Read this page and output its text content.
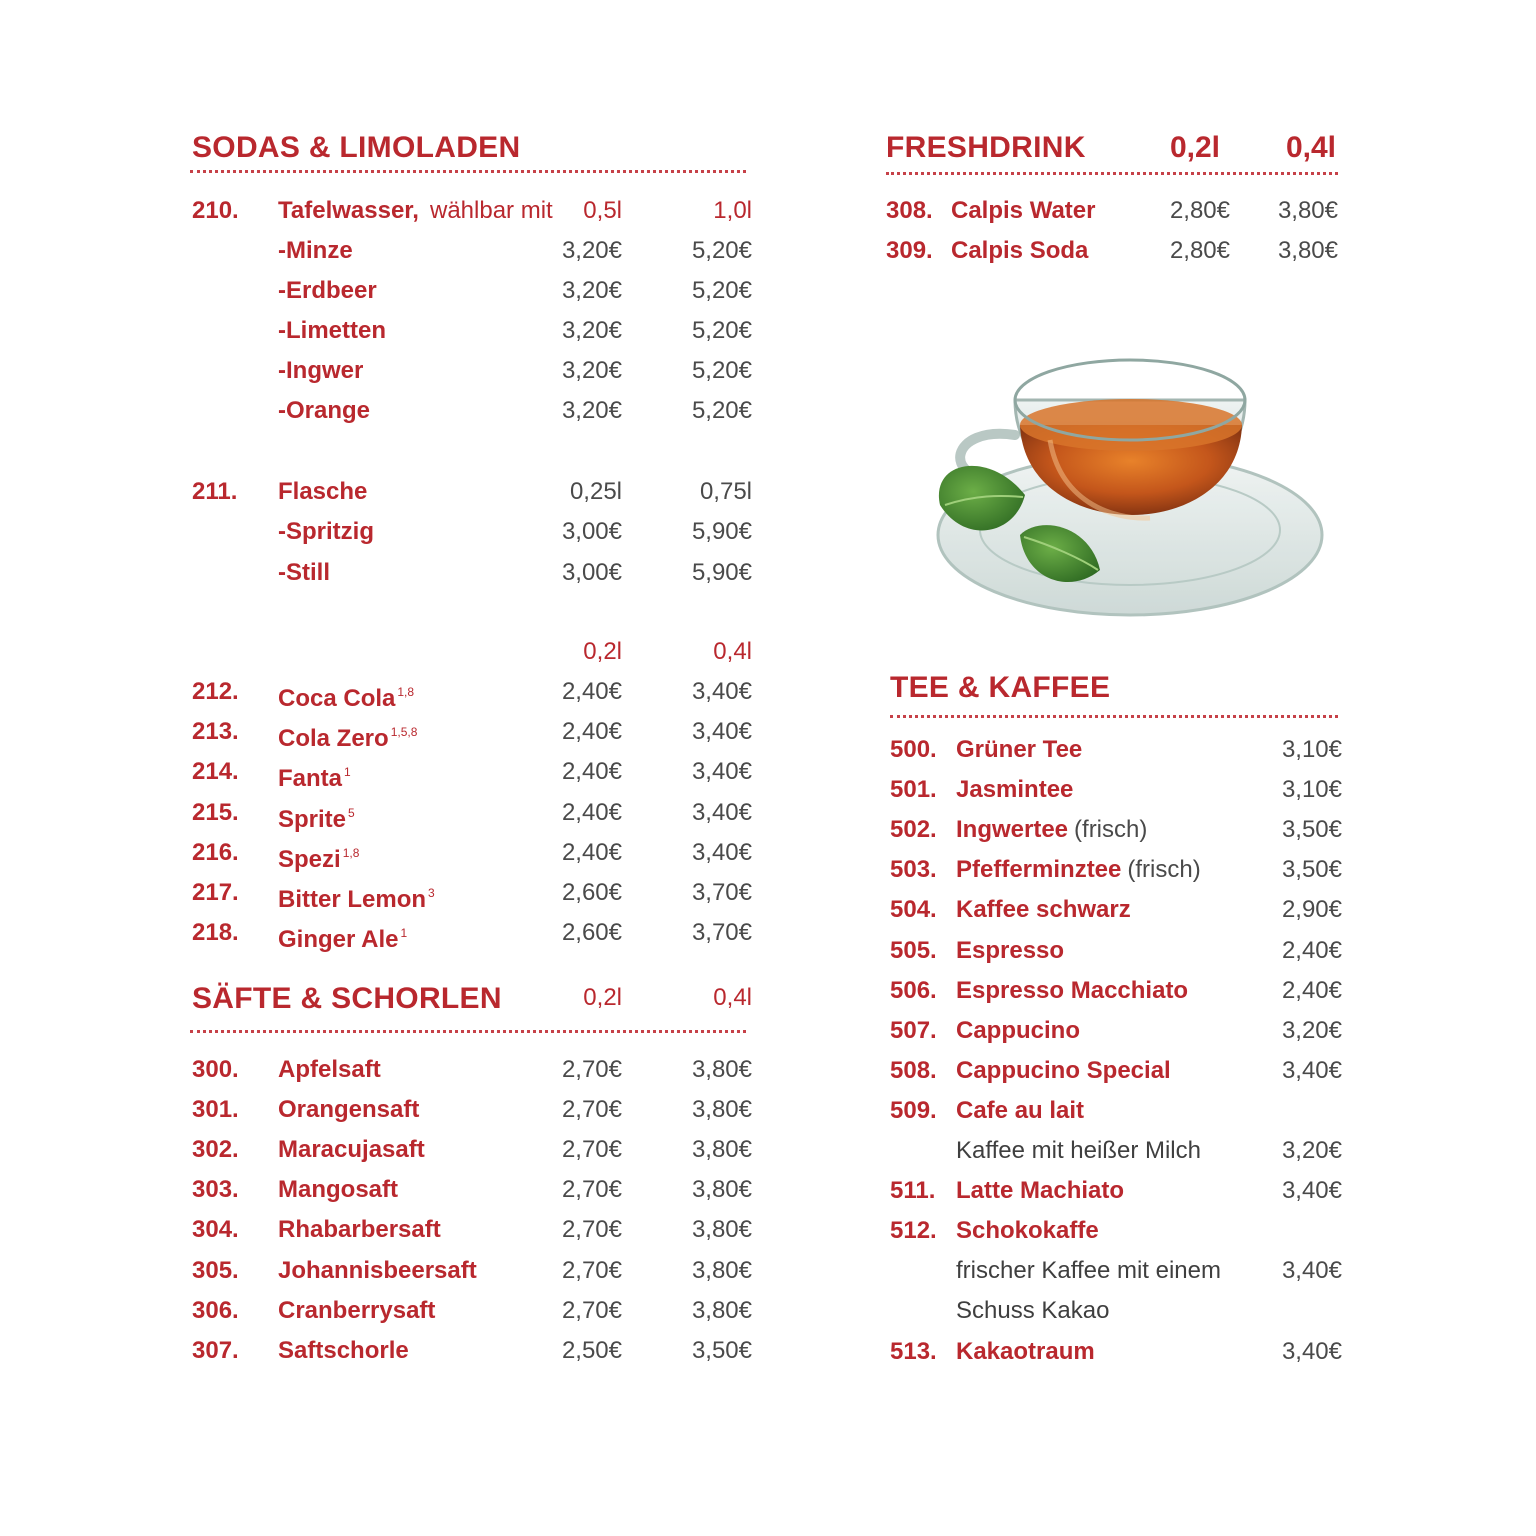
SODAS & LIMOLADEN
210. Tafelwasser, wählbar mit	0,5l	1,0l
211. Flasche	0,25l	0,75l
0,2l	0,4l
SÄFTE & SCHORLEN	0,2l	0,4l
FRESHDRINK	0,2l	0,4l
TEE & KAFFEE
-Minze	3,20€	5,20€
-Erdbeer	3,20€	5,20€
-Limetten	3,20€	5,20€
-Ingwer	3,20€	5,20€
-Orange	3,20€	5,20€
-Spritzig	3,00€	5,90€
-Still	3,00€	5,90€
212. Coca Cola $^{1,8}$	2,40€	3,40€
213. Cola Zero $^{1,5,8}$	2,40€	3,40€
214. Fanta $^1$	2,40€	3,40€
215. Sprite $^5$	2,40€	3,40€
216. Spezi $^{1,8}$	2,40€	3,40€
217. Bitter Lemon $^3$	2,60€	3,70€
218. Ginger Ale $^1$	2,60€	3,70€
300. Apfelsaft	2,70€	3,80€
301. Orangensaft	2,70€	3,80€
302. Maracujasaft	2,70€	3,80€
303. Mangosaft	2,70€	3,80€
304. Rhabarbersaft	2,70€	3,80€
305. Johannisbeersaft	2,70€	3,80€
306. Cranberrysaft	2,70€	3,80€
307. Saftschorle	2,50€	3,50€
308. Calpis Water	2,80€	3,80€
309. Calpis Soda	2,80€	3,80€
500. Grüner Tee	3,10€
501. Jasmintee	3,10€
502. Ingwertee (frisch)	3,50€
503. Pfefferminztee (frisch)	3,50€
504. Kaffee schwarz	2,90€
505. Espresso	2,40€
506. Espresso Macchiato	2,40€
507. Cappucino	3,20€
508. Cappucino Special	3,40€
509. Cafe au lait
Kaffee mit heißer Milch	3,20€
511. Latte Machiato	3,40€
512. Schokokaffe
frischer Kaffee mit einem	3,40€
Schuss Kakao
513. Kakaotraum	3,40€
